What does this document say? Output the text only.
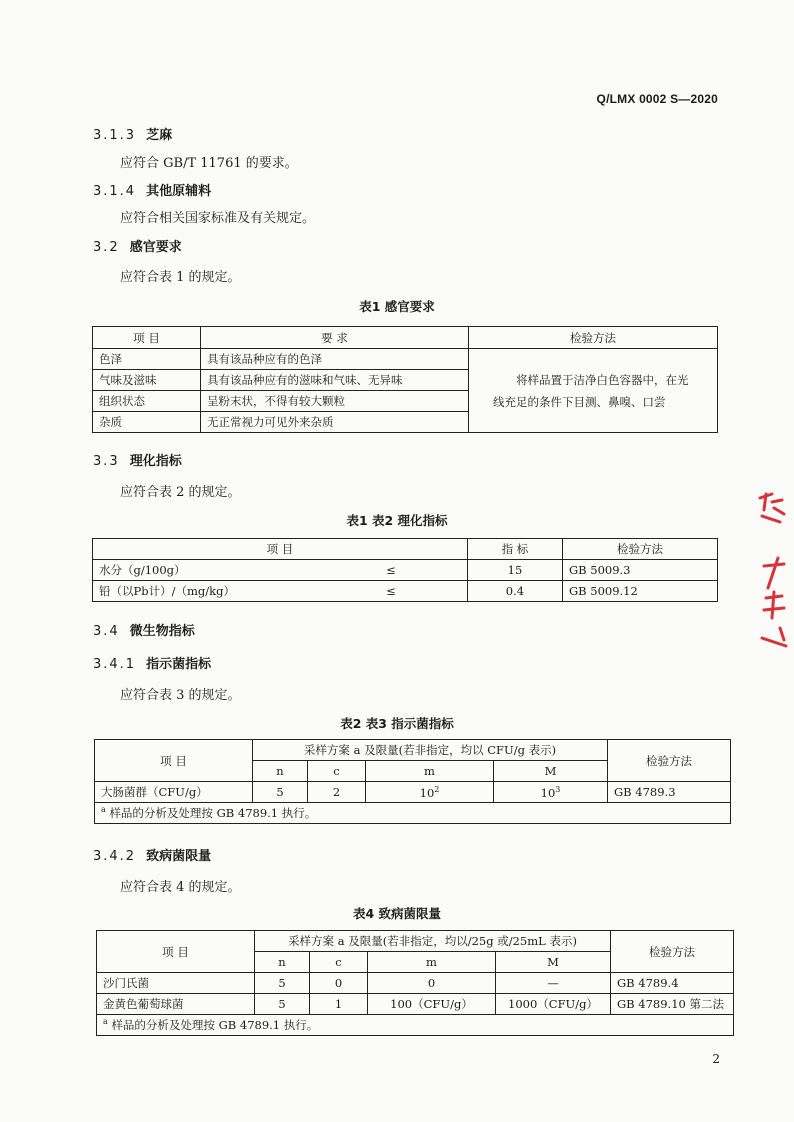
Q/LMX 0002 S—2020
3.1.3 芝麻
应符合 GB/T 11761 的要求。
3.1.4 其他原辅料
应符合相关国家标准及有关规定。
3.2 感官要求
应符合表 1 的规定。
表1 感官要求
项 目	要 求	检验方法
色泽	具有该品种应有的色泽	将样品置于洁净白色容器中，在光线充足的条件下目测、鼻嗅、口尝
气味及滋味	具有该品种应有的滋味和气味、无异味	
组织状态	呈粉末状，不得有较大颗粒	
杂质	无正常视力可见外来杂质	
3.3 理化指标
应符合表 2 的规定。
表1 表2 理化指标
项 目		指 标	检验方法
水分（g/100g）	≤	15	GB 5009.3
铅（以Pb计）/（mg/kg）	≤	0.4	GB 5009.12
3.4 微生物指标
3.4.1 指示菌指标
应符合表 3 的规定。
表2 表3 指示菌指标
项 目	采样方案 a 及限量(若非指定，均以 CFU/g 表示)				检验方法
	n	c	m	M	
大肠菌群（CFU/g）	5	2	$10^2$	$10^3$	GB 4789.3
$^a$ 样品的分析及处理按 GB 4789.1 执行。					
3.4.2 致病菌限量
应符合表 4 的规定。
表4 致病菌限量
项 目	采样方案 a 及限量(若非指定，均以/25g 或/25mL 表示)				检验方法
	n	c	m	M	
沙门氏菌	5	0	0	—	GB 4789.4
金黄色葡萄球菌	5	1	100（CFU/g）	1000（CFU/g）	GB 4789.10 第二法
$^a$ 样品的分析及处理按 GB 4789.1 执行。					
2
